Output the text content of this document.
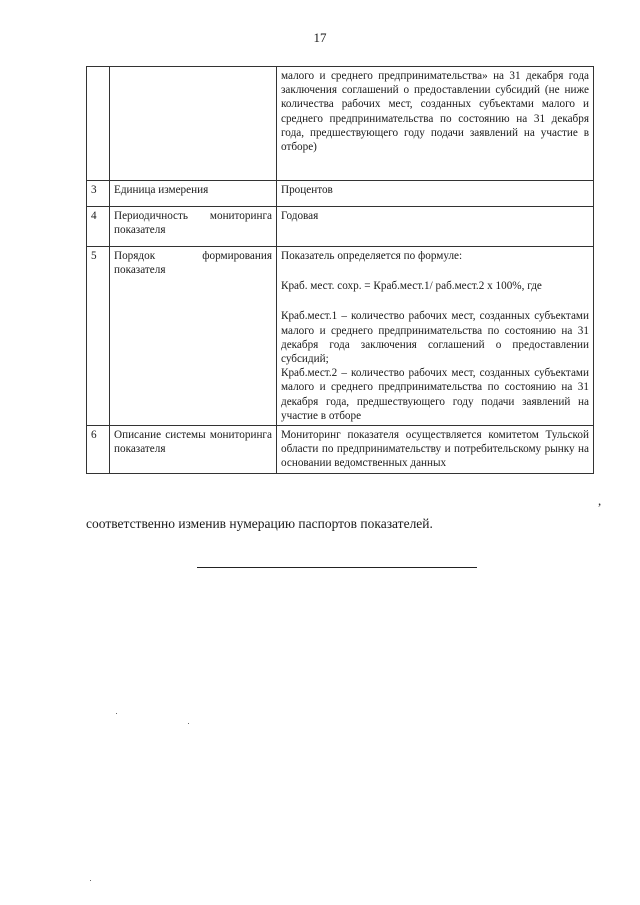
17

		малого и среднего предпринимательства» на 31 декабря года заключения соглашений о предоставлении субсидий (не ниже количества рабочих мест, созданных субъектами малого и среднего предпринимательства по состоянию на 31 декабря года, предшествующего году подачи заявлений на участие в отборе)

3	Единица измерения	Процентов

4	Периодичность мониторинга показателя	Годовая

5	Порядок формирования показателя	Показатель определяется по формуле:

Краб. мест. сохр. = Краб.мест.1/ раб.мест.2 x 100%, где

Краб.мест.1 – количество рабочих мест, созданных субъектами малого и среднего предпринимательства по состоянию на 31 декабря года заключения соглашений о предоставлении субсидий;

Краб.мест.2 – количество рабочих мест, созданных субъектами малого и среднего предпринимательства по состоянию на 31 декабря года, предшествующего году подачи заявлений на участие в отборе

6	Описание системы мониторинга показателя	Мониторинг показателя осуществляется комитетом Тульской области по предпринимательству и потребительскому рынку на основании ведомственных данных

,
соответственно изменив нумерацию паспортов показателей.
